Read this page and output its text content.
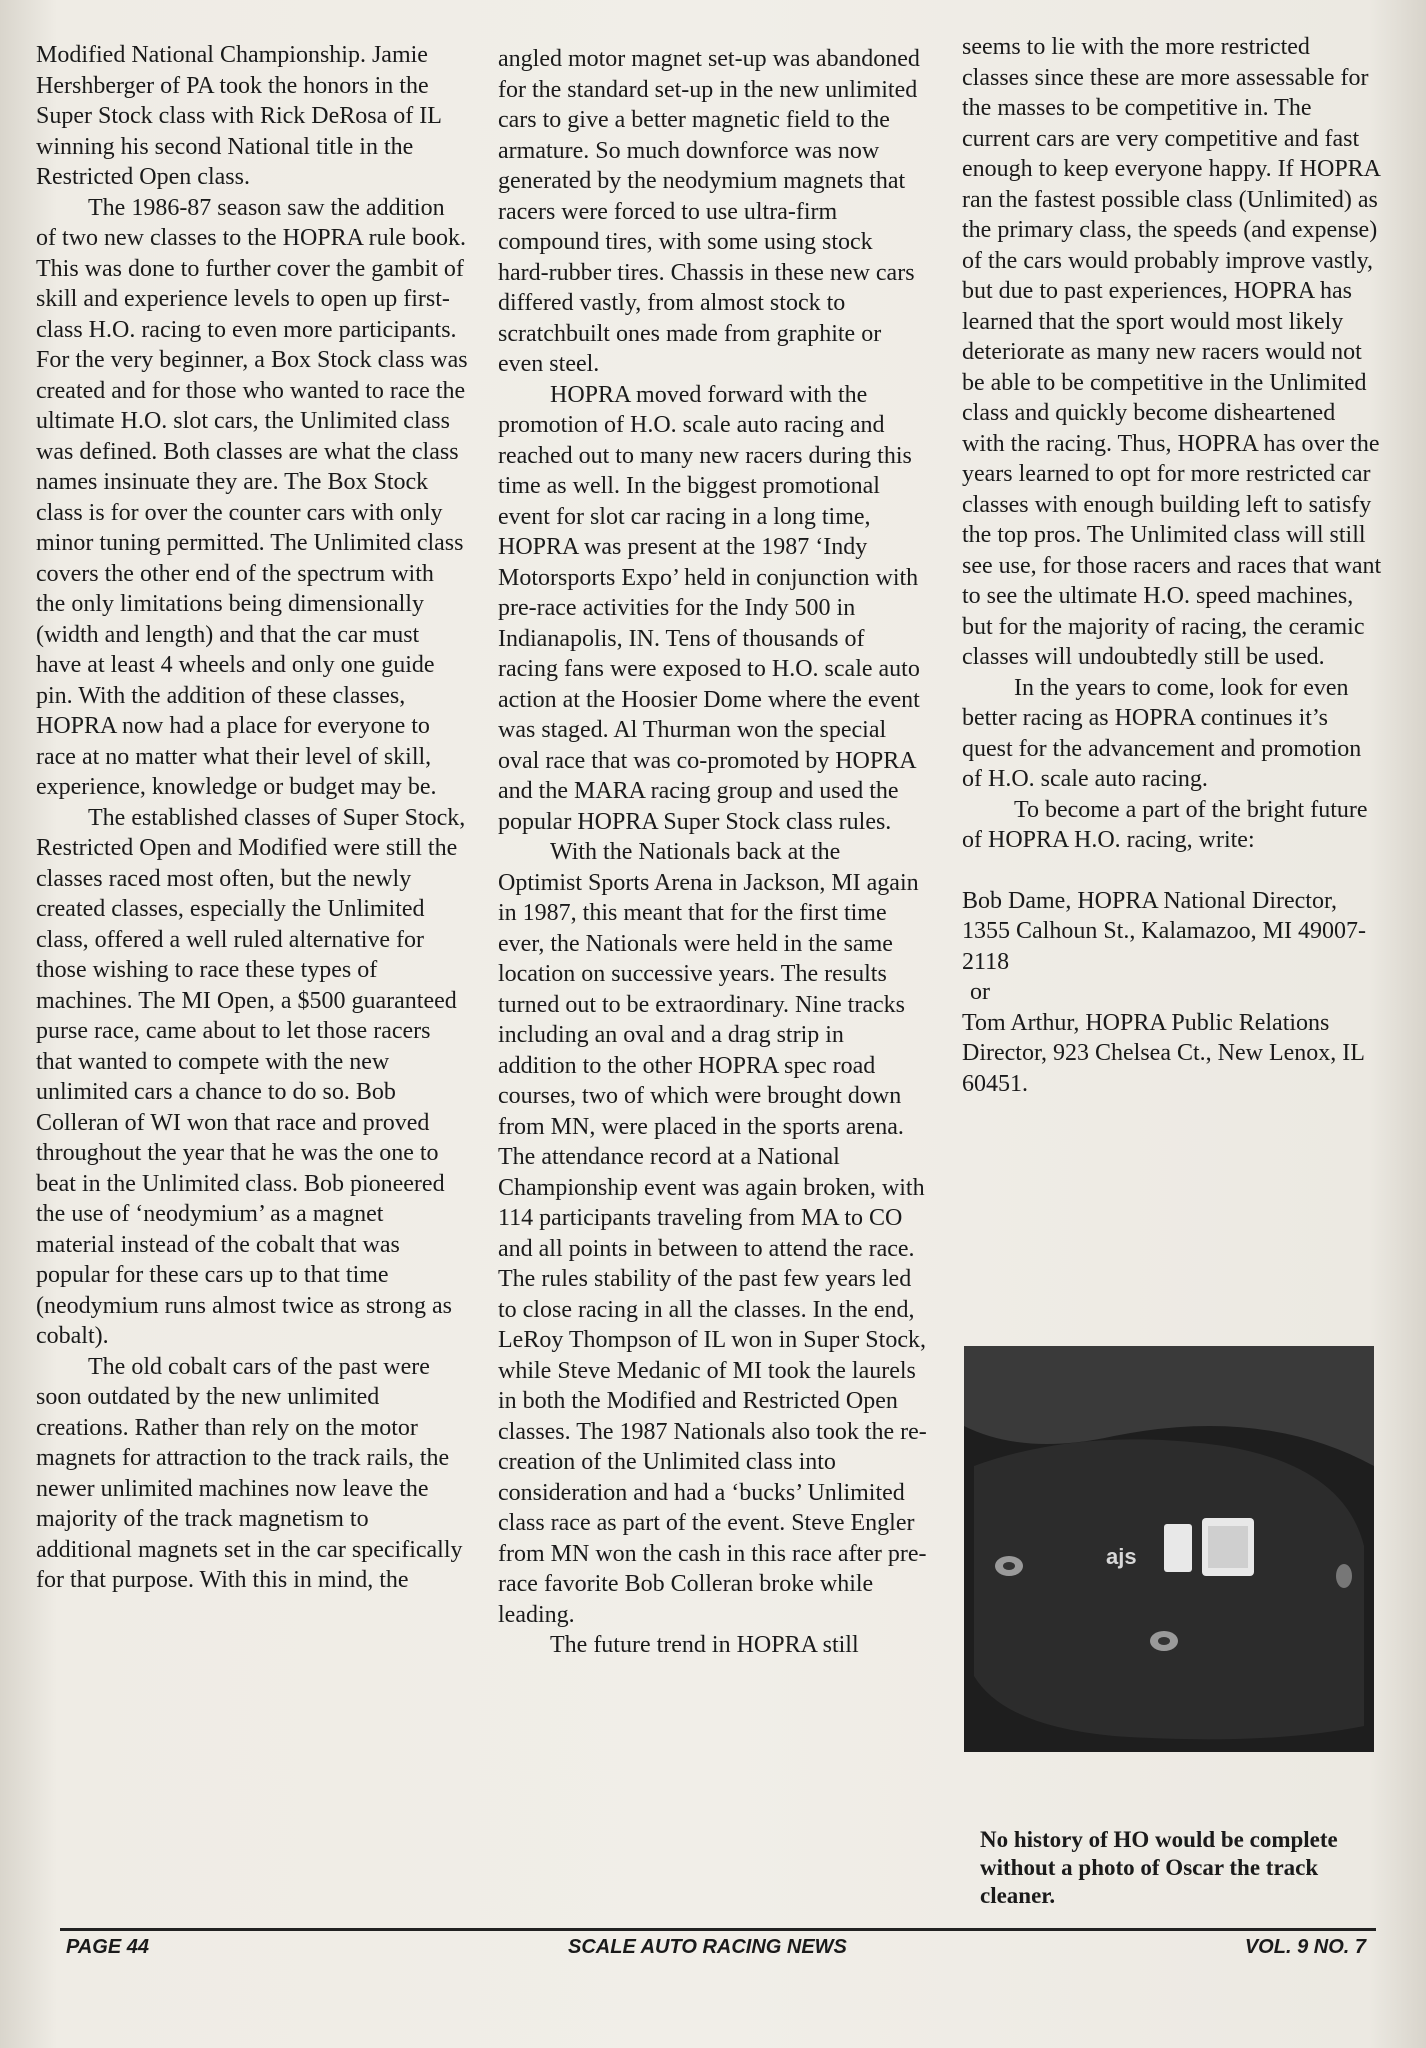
Modified National Championship. Jamie Hershberger of PA took the honors in the Super Stock class with Rick DeRosa of IL winning his second National title in the Restricted Open class.

The 1986-87 season saw the addition of two new classes to the HOPRA rule book. This was done to further cover the gambit of skill and experience levels to open up first-class H.O. racing to even more participants. For the very beginner, a Box Stock class was created and for those who wanted to race the ultimate H.O. slot cars, the Unlimited class was defined. Both classes are what the class names insinuate they are. The Box Stock class is for over the counter cars with only minor tuning permitted. The Unlimited class covers the other end of the spectrum with the only limitations being dimensionally (width and length) and that the car must have at least 4 wheels and only one guide pin. With the addition of these classes, HOPRA now had a place for everyone to race at no matter what their level of skill, experience, knowledge or budget may be.

The established classes of Super Stock, Restricted Open and Modified were still the classes raced most often, but the newly created classes, especially the Unlimited class, offered a well ruled alternative for those wishing to race these types of machines. The MI Open, a $500 guaranteed purse race, came about to let those racers that wanted to compete with the new unlimited cars a chance to do so. Bob Colleran of WI won that race and proved throughout the year that he was the one to beat in the Unlimited class. Bob pioneered the use of ‘neodymium’ as a magnet material instead of the cobalt that was popular for these cars up to that time (neodymium runs almost twice as strong as cobalt).

The old cobalt cars of the past were soon outdated by the new unlimited creations. Rather than rely on the motor magnets for attraction to the track rails, the newer unlimited machines now leave the majority of the track magnetism to additional magnets set in the car specifically for that purpose. With this in mind, the

angled motor magnet set-up was abandoned for the standard set-up in the new unlimited cars to give a better magnetic field to the armature. So much downforce was now generated by the neodymium magnets that racers were forced to use ultra-firm compound tires, with some using stock hard-rubber tires. Chassis in these new cars differed vastly, from almost stock to scratchbuilt ones made from graphite or even steel.

HOPRA moved forward with the promotion of H.O. scale auto racing and reached out to many new racers during this time as well. In the biggest promotional event for slot car racing in a long time, HOPRA was present at the 1987 ‘Indy Motorsports Expo’ held in conjunction with pre-race activities for the Indy 500 in Indianapolis, IN. Tens of thousands of racing fans were exposed to H.O. scale auto action at the Hoosier Dome where the event was staged. Al Thurman won the special oval race that was co-promoted by HOPRA and the MARA racing group and used the popular HOPRA Super Stock class rules.

With the Nationals back at the Optimist Sports Arena in Jackson, MI again in 1987, this meant that for the first time ever, the Nationals were held in the same location on successive years. The results turned out to be extraordinary. Nine tracks including an oval and a drag strip in addition to the other HOPRA spec road courses, two of which were brought down from MN, were placed in the sports arena. The attendance record at a National Championship event was again broken, with 114 participants traveling from MA to CO and all points in between to attend the race. The rules stability of the past few years led to close racing in all the classes. In the end, LeRoy Thompson of IL won in Super Stock, while Steve Medanic of MI took the laurels in both the Modified and Restricted Open classes. The 1987 Nationals also took the re-creation of the Unlimited class into consideration and had a ‘bucks’ Unlimited class race as part of the event. Steve Engler from MN won the cash in this race after pre-race favorite Bob Colleran broke while leading.

The future trend in HOPRA still

seems to lie with the more restricted classes since these are more assessable for the masses to be competitive in. The current cars are very competitive and fast enough to keep everyone happy. If HOPRA ran the fastest possible class (Unlimited) as the primary class, the speeds (and expense) of the cars would probably improve vastly, but due to past experiences, HOPRA has learned that the sport would most likely deteriorate as many new racers would not be able to be competitive in the Unlimited class and quickly become disheartened with the racing. Thus, HOPRA has over the years learned to opt for more restricted car classes with enough building left to satisfy the top pros. The Unlimited class will still see use, for those racers and races that want to see the ultimate H.O. speed machines, but for the majority of racing, the ceramic classes will undoubtedly still be used.

In the years to come, look for even better racing as HOPRA continues it’s quest for the advancement and promotion of H.O. scale auto racing.

To become a part of the bright future of HOPRA H.O. racing, write:

Bob Dame, HOPRA National Director, 1355 Calhoun St., Kalamazoo, MI 49007-2118

or

Tom Arthur, HOPRA Public Relations Director, 923 Chelsea Ct., New Lenox, IL 60451.

ajs
No history of HO would be complete without a photo of Oscar the track cleaner.
PAGE 44	SCALE AUTO RACING NEWS	VOL. 9 NO. 7
